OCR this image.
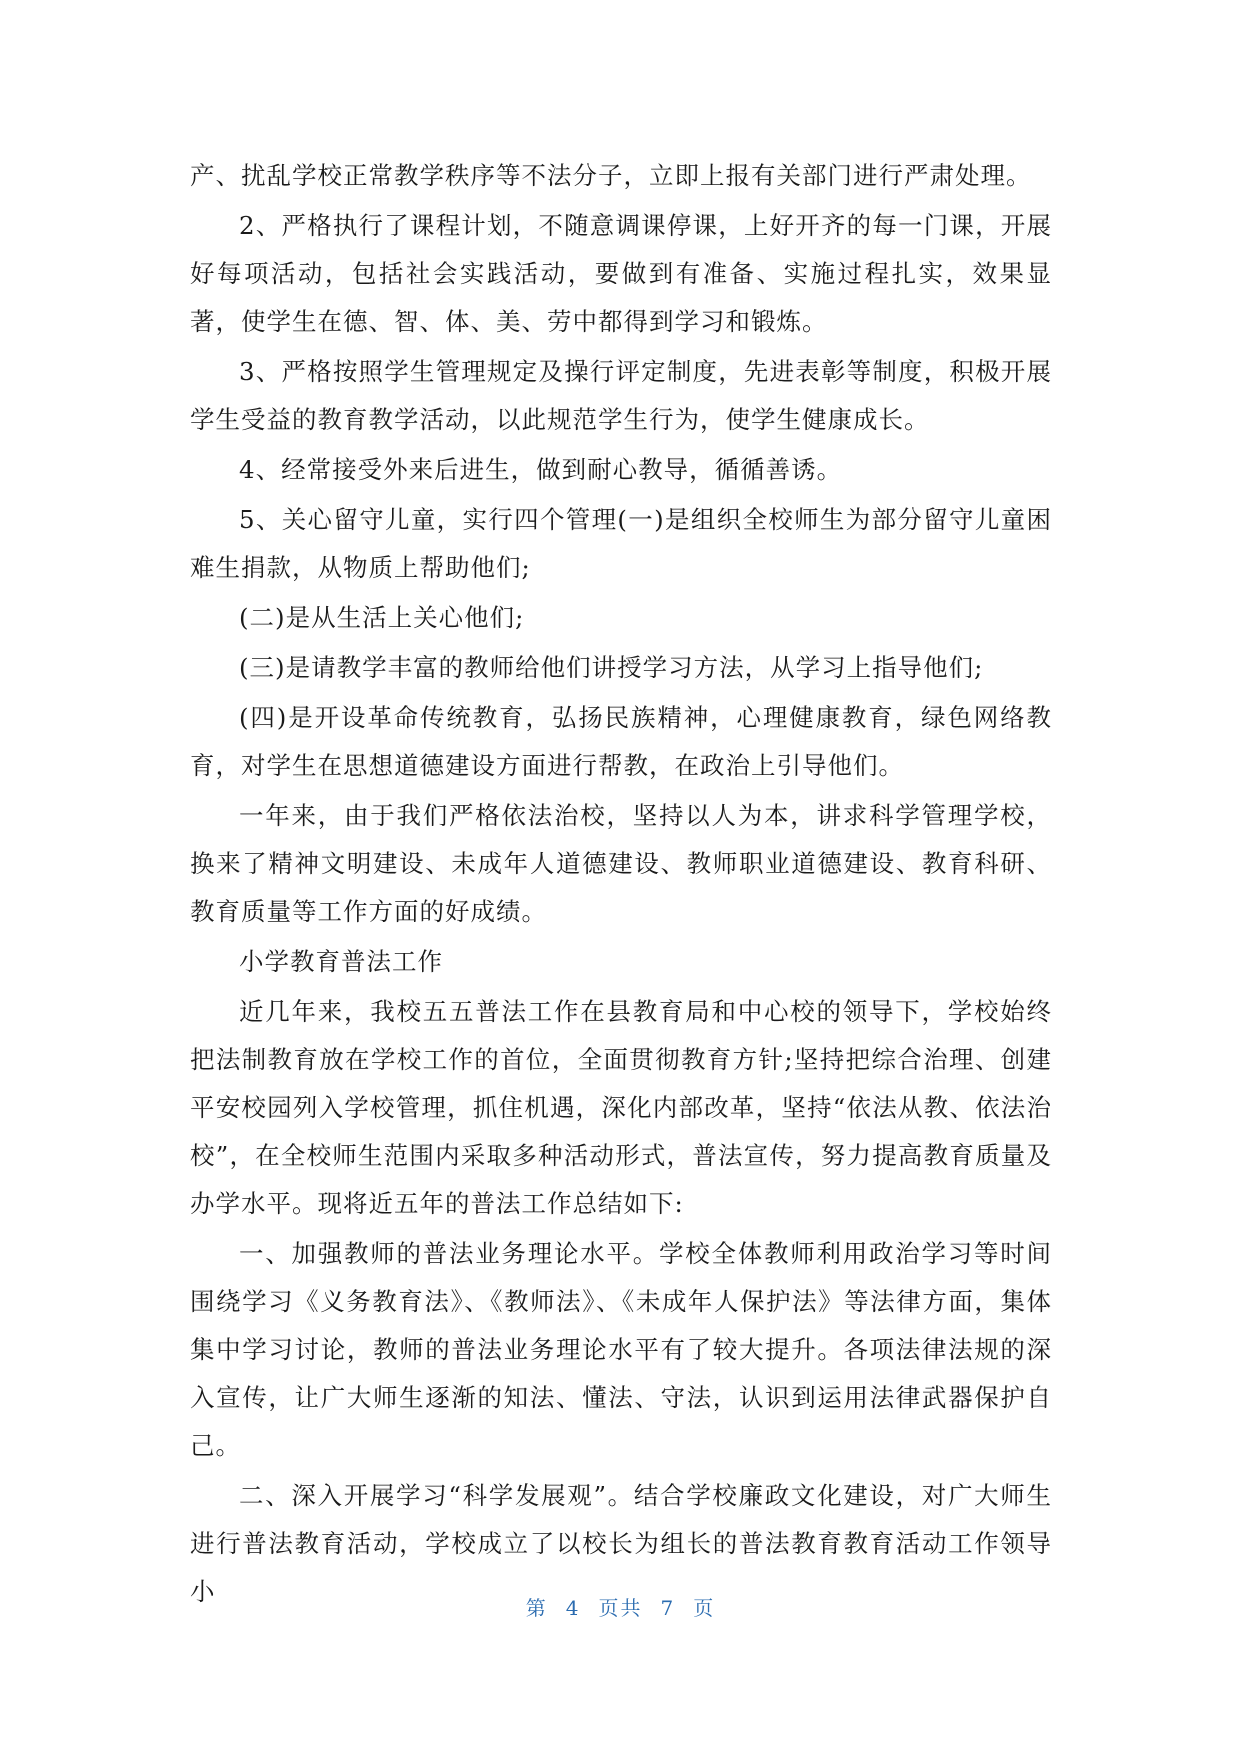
产、扰乱学校正常教学秩序等不法分子，立即上报有关部门进行严肃处理。

2、严格执行了课程计划，不随意调课停课，上好开齐的每一门课，开展好每项活动，包括社会实践活动，要做到有准备、实施过程扎实，效果显著，使学生在德、智、体、美、劳中都得到学习和锻炼。

3、严格按照学生管理规定及操行评定制度，先进表彰等制度，积极开展学生受益的教育教学活动，以此规范学生行为，使学生健康成长。

4、经常接受外来后进生，做到耐心教导，循循善诱。

5、关心留守儿童，实行四个管理(一)是组织全校师生为部分留守儿童困难生捐款，从物质上帮助他们;

(二)是从生活上关心他们;

(三)是请教学丰富的教师给他们讲授学习方法，从学习上指导他们;

(四)是开设革命传统教育，弘扬民族精神，心理健康教育，绿色网络教育，对学生在思想道德建设方面进行帮教，在政治上引导他们。

一年来，由于我们严格依法治校，坚持以人为本，讲求科学管理学校，换来了精神文明建设、未成年人道德建设、教师职业道德建设、教育科研、教育质量等工作方面的好成绩。

小学教育普法工作

近几年来，我校五五普法工作在县教育局和中心校的领导下，学校始终把法制教育放在学校工作的首位，全面贯彻教育方针;坚持把综合治理、创建平安校园列入学校管理，抓住机遇，深化内部改革，坚持“依法从教、依法治校”，在全校师生范围内采取多种活动形式，普法宣传，努力提高教育质量及办学水平。现将近五年的普法工作总结如下:

一、加强教师的普法业务理论水平。学校全体教师利用政治学习等时间围绕学习《义务教育法》、《教师法》、《未成年人保护法》等法律方面，集体集中学习讨论，教师的普法业务理论水平有了较大提升。各项法律法规的深入宣传，让广大师生逐渐的知法、懂法、守法，认识到运用法律武器保护自己。

二、深入开展学习“科学发展观”。结合学校廉政文化建设，对广大师生进行普法教育活动，学校成立了以校长为组长的普法教育教育活动工作领导小

第 4 页共 7 页
